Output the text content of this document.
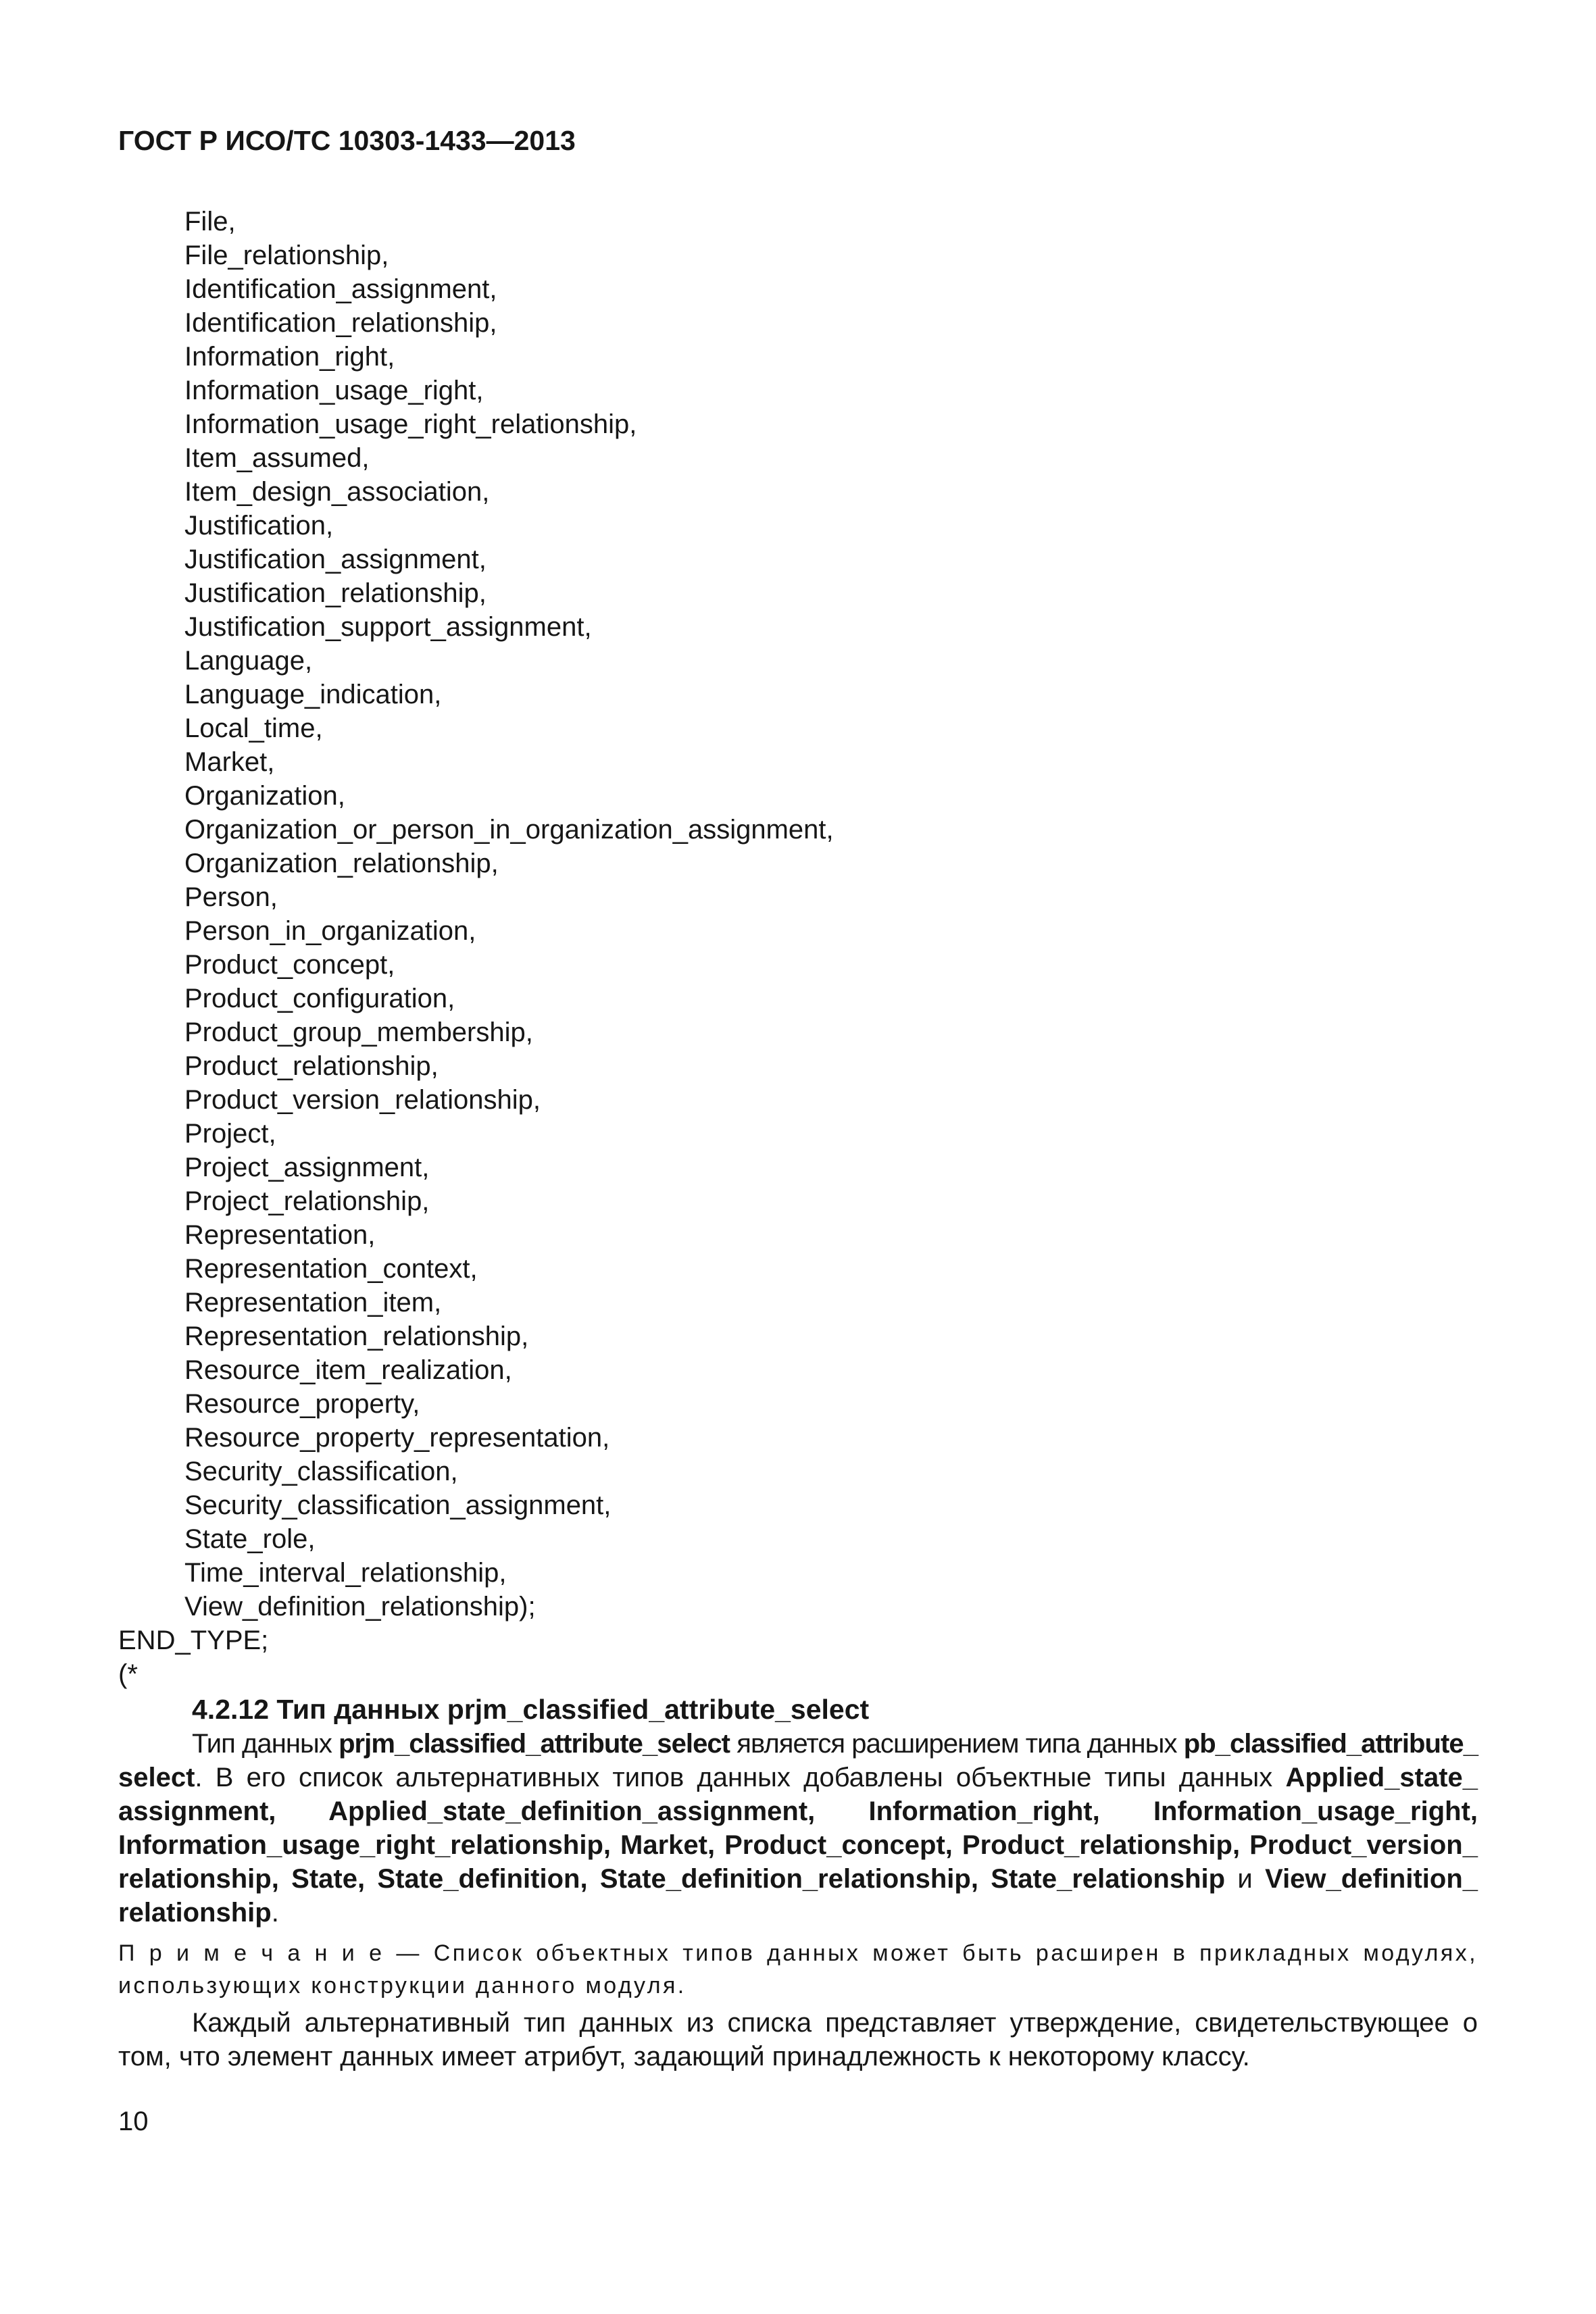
ГОСТ Р ИСО/ТС 10303-1433—2013
File,
File_relationship,
Identification_assignment,
Identification_relationship,
Information_right,
Information_usage_right,
Information_usage_right_relationship,
Item_assumed,
Item_design_association,
Justification,
Justification_assignment,
Justification_relationship,
Justification_support_assignment,
Language,
Language_indication,
Local_time,
Market,
Organization,
Organization_or_person_in_organization_assignment,
Organization_relationship,
Person,
Person_in_organization,
Product_concept,
Product_configuration,
Product_group_membership,
Product_relationship,
Product_version_relationship,
Project,
Project_assignment,
Project_relationship,
Representation,
Representation_context,
Representation_item,
Representation_relationship,
Resource_item_realization,
Resource_property,
Resource_property_representation,
Security_classification,
Security_classification_assignment,
State_role,
Time_interval_relationship,
View_definition_relationship);
END_TYPE;
(*
4.2.12 Тип данных prjm_classified_attribute_select
Тип данных prjm_classified_attribute_select является расширением типа данных pb_classified_attribute_
select. В его список альтернативных типов данных добавлены объектные типы данных Applied_state_
assignment, Applied_state_definition_assignment, Information_right, Information_usage_right,
Information_usage_right_relationship, Market, Product_concept, Product_relationship, Product_version_
relationship, State, State_definition, State_definition_relationship, State_relationship и View_definition_
relationship.
П р и м е ч а н и е — Список объектных типов данных может быть расширен в прикладных модулях,
использующих конструкции данного модуля.
Каждый альтернативный тип данных из списка представляет утверждение, свидетельствующее о
том, что элемент данных имеет атрибут, задающий принадлежность к некоторому классу.
10
